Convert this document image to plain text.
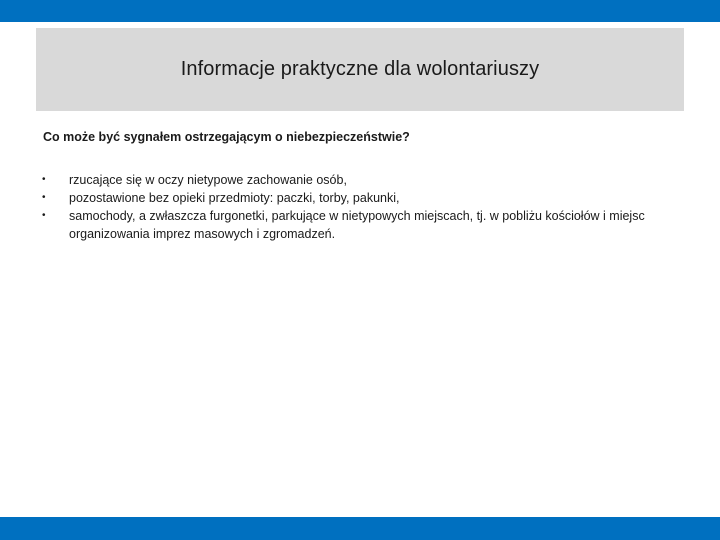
Informacje praktyczne dla wolontariuszy
Co może być sygnałem ostrzegającym o niebezpieczeństwie?
•	rzucające się w oczy nietypowe zachowanie osób,
•	pozostawione bez opieki przedmioty: paczki, torby, pakunki,
•	samochody, a zwłaszcza furgonetki, parkujące w nietypowych miejscach, tj. w pobliżu kościołów i miejsc organizowania imprez masowych i zgromadzeń.
